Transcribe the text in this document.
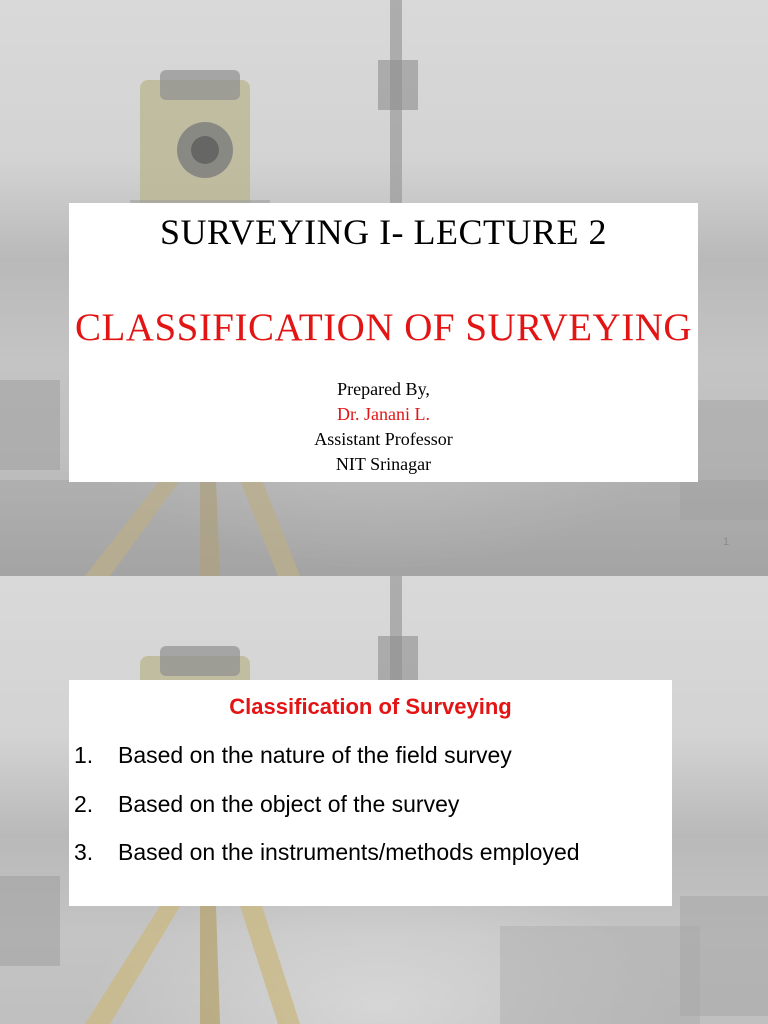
SURVEYING I- LECTURE 2
CLASSIFICATION OF SURVEYING
Prepared By,
Dr. Janani L.
Assistant Professor
NIT Srinagar
1
Classification of Surveying
1.	Based on the nature of the field survey
2.	Based on the object of the survey
3.	Based on the instruments/methods employed
